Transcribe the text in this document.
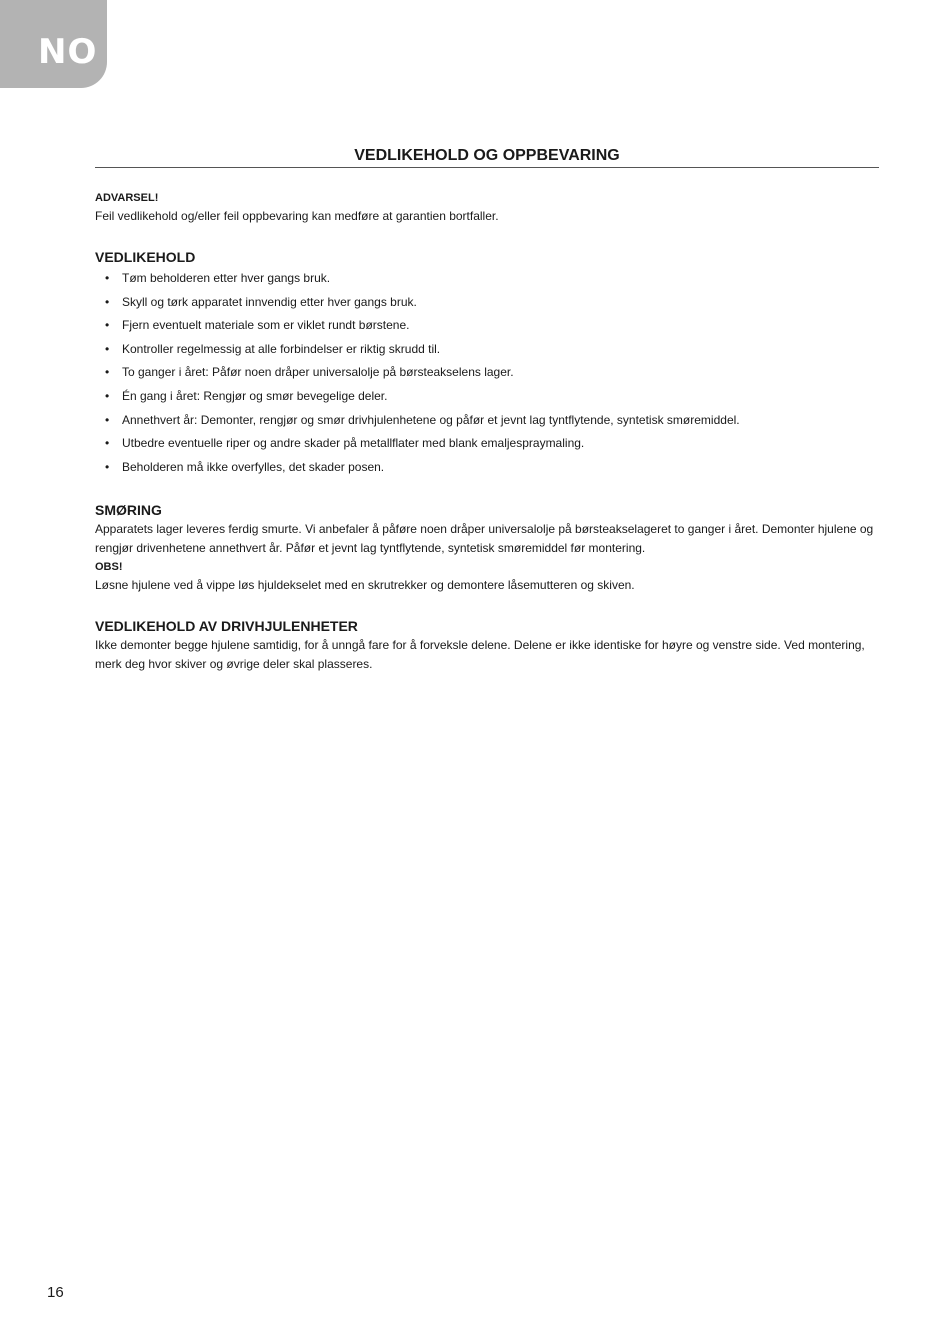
NO
VEDLIKEHOLD OG OPPBEVARING
ADVARSEL!
Feil vedlikehold og/eller feil oppbevaring kan medføre at garantien bortfaller.
VEDLIKEHOLD
• Tøm beholderen etter hver gangs bruk.
• Skyll og tørk apparatet innvendig etter hver gangs bruk.
• Fjern eventuelt materiale som er viklet rundt børstene.
• Kontroller regelmessig at alle forbindelser er riktig skrudd til.
• To ganger i året: Påfør noen dråper universalolje på børsteakselens lager.
• Én gang i året: Rengjør og smør bevegelige deler.
• Annethvert år: Demonter, rengjør og smør drivhjulenhetene og påfør et jevnt lag tyntflytende, syntetisk smøremiddel.
• Utbedre eventuelle riper og andre skader på metallflater med blank emaljespraymaling.
• Beholderen må ikke overfylles, det skader posen.
SMØRING
Apparatets lager leveres ferdig smurte. Vi anbefaler å påføre noen dråper universalolje på børsteakselageret to ganger i året. Demonter hjulene og rengjør drivenhetene annethvert år. Påfør et jevnt lag tyntflytende, syntetisk smøremiddel før montering.
OBS!
Løsne hjulene ved å vippe løs hjuldekselet med en skrutrekker og demontere låsemutteren og skiven.
VEDLIKEHOLD AV DRIVHJULENHETER
Ikke demonter begge hjulene samtidig, for å unngå fare for å forveksle delene. Delene er ikke identiske for høyre og venstre side. Ved montering, merk deg hvor skiver og øvrige deler skal plasseres.
16
